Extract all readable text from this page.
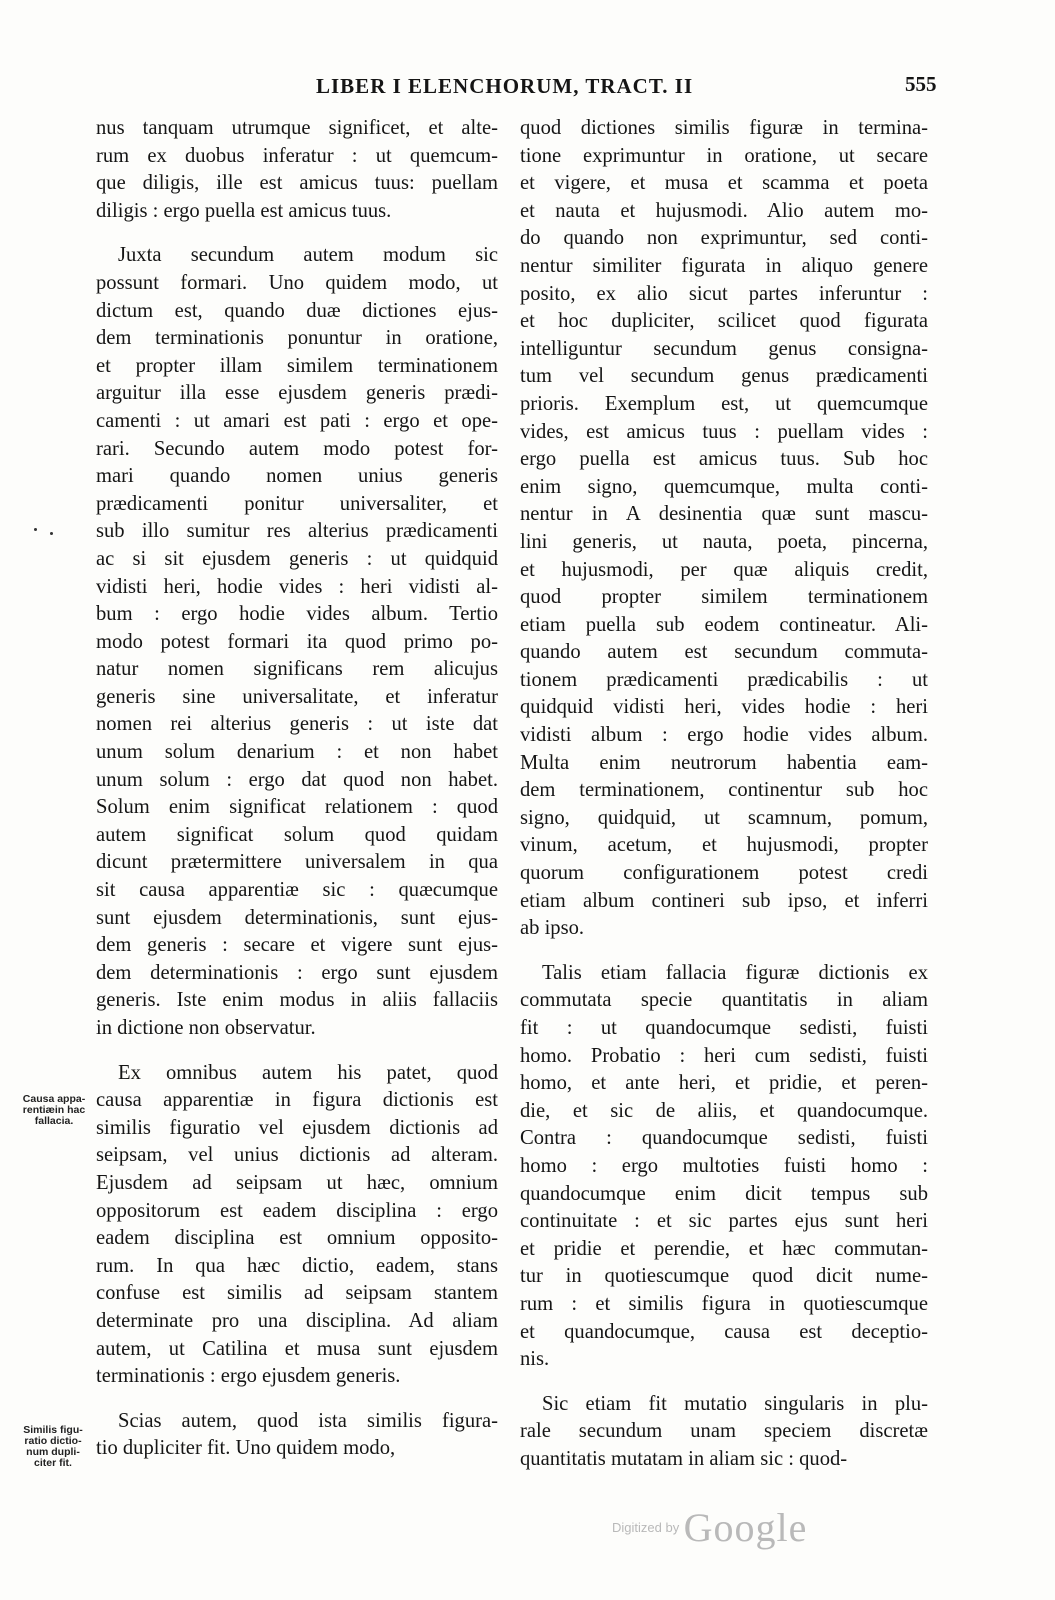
LIBER I ELENCHORUM, TRACT. II	555
nus tanquam utrumque significet, et alte-
rum ex duobus inferatur : ut quemcum-
que diligis, ille est amicus tuus: puellam
diligis : ergo puella est amicus tuus.
Juxta secundum autem modum sic
possunt formari. Uno quidem modo, ut
dictum est, quando duæ dictiones ejus-
dem terminationis ponuntur in oratione,
et propter illam similem terminationem
arguitur illa esse ejusdem generis prædi-
camenti : ut amari est pati : ergo et ope-
rari. Secundo autem modo potest for-
mari quando nomen unius generis
prædicamenti ponitur universaliter, et
sub illo sumitur res alterius prædicamenti
ac si sit ejusdem generis : ut quidquid
vidisti heri, hodie vides : heri vidisti al-
bum : ergo hodie vides album. Tertio
modo potest formari ita quod primo po-
natur nomen significans rem alicujus
generis sine universalitate, et inferatur
nomen rei alterius generis : ut iste dat
unum solum denarium : et non habet
unum solum : ergo dat quod non habet.
Solum enim significat relationem : quod
autem significat solum quod quidam
dicunt prætermittere universalem in qua
sit causa apparentiæ sic : quæcumque
sunt ejusdem determinationis, sunt ejus-
dem generis : secare et vigere sunt ejus-
dem determinationis : ergo sunt ejusdem
generis. Iste enim modus in aliis fallaciis
in dictione non observatur.
Ex omnibus autem his patet, quod
causa apparentiæ in figura dictionis est
similis figuratio vel ejusdem dictionis ad
seipsam, vel unius dictionis ad alteram.
Ejusdem ad seipsam ut hæc, omnium
oppositorum est eadem disciplina : ergo
eadem disciplina est omnium opposito-
rum. In qua hæc dictio, eadem, stans
confuse est similis ad seipsam stantem
determinate pro una disciplina. Ad aliam
autem, ut Catilina et musa sunt ejusdem
terminationis : ergo ejusdem generis.
Scias autem, quod ista similis figura-
tio dupliciter fit. Uno quidem modo,
quod dictiones similis figuræ in termina-
tione exprimuntur in oratione, ut secare
et vigere, et musa et scamma et poeta
et nauta et hujusmodi. Alio autem mo-
do quando non exprimuntur, sed conti-
nentur similiter figurata in aliquo genere
posito, ex alio sicut partes inferuntur :
et hoc dupliciter, scilicet quod figurata
intelliguntur secundum genus consigna-
tum vel secundum genus prædicamenti
prioris. Exemplum est, ut quemcumque
vides, est amicus tuus : puellam vides :
ergo puella est amicus tuus. Sub hoc
enim signo, quemcumque, multa conti-
nentur in A desinentia quæ sunt mascu-
lini generis, ut nauta, poeta, pincerna,
et hujusmodi, per quæ aliquis credit,
quod propter similem terminationem
etiam puella sub eodem contineatur. Ali-
quando autem est secundum commuta-
tionem prædicamenti prædicabilis : ut
quidquid vidisti heri, vides hodie : heri
vidisti album : ergo hodie vides album.
Multa enim neutrorum habentia eam-
dem terminationem, continentur sub hoc
signo, quidquid, ut scamnum, pomum,
vinum, acetum, et hujusmodi, propter
quorum configurationem potest credi
etiam album contineri sub ipso, et inferri
ab ipso.
Talis etiam fallacia figuræ dictionis ex
commutata specie quantitatis in aliam
fit : ut quandocumque sedisti, fuisti
homo. Probatio : heri cum sedisti, fuisti
homo, et ante heri, et pridie, et peren-
die, et sic de aliis, et quandocumque.
Contra : quandocumque sedisti, fuisti
homo : ergo multoties fuisti homo :
quandocumque enim dicit tempus sub
continuitate : et sic partes ejus sunt heri
et pridie et perendie, et hæc commutan-
tur in quotiescumque quod dicit nume-
rum : et similis figura in quotiescumque
et quandocumque, causa est deceptio-
nis.
Sic etiam fit mutatio singularis in plu-
rale secundum unam speciem discretæ
quantitatis mutatam in aliam sic : quod-
Causa appa-
rentiæin hac
fallacia.
Similis figu-
ratio dictio-
num dupli-
citer fit.
Digitized by Google
